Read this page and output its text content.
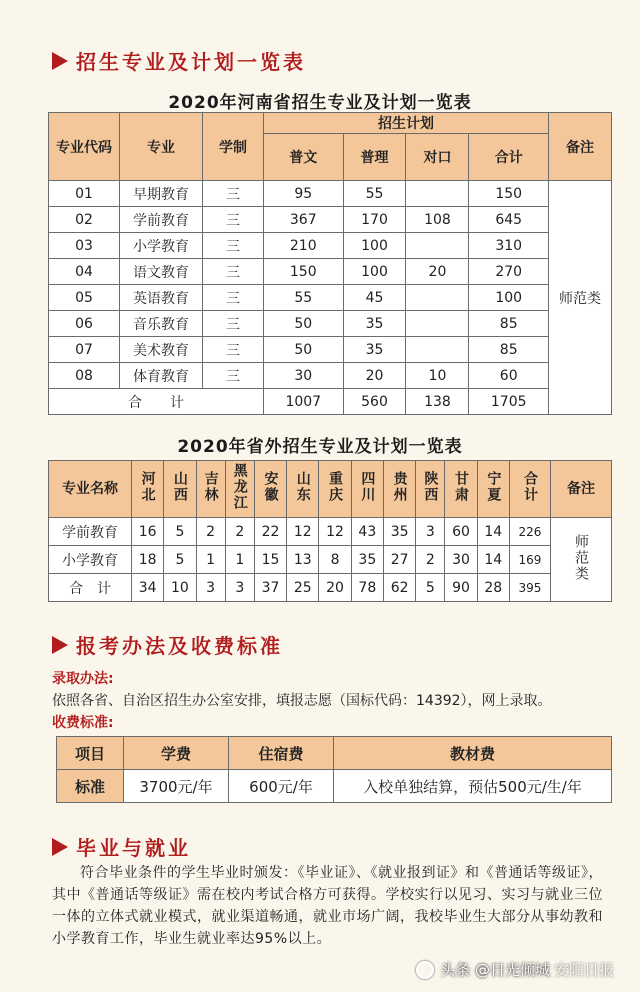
招生专业及计划一览表
2020年河南省招生专业及计划一览表
专业代码	专业	学制	招生计划				备注
			普文	普理	对口	合计	
01	早期教育	三	95	55		150	师范类
02	学前教育	三	367	170	108	645	
03	小学教育	三	210	100		310	
04	语文教育	三	150	100	20	270	
05	英语教育	三	55	45		100	
06	音乐教育	三	50	35		85	
07	美术教育	三	50	35		85	
08	体育教育	三	30	20	10	60	
合　　计			1007	560	138	1705	
2020年省外招生专业及计划一览表
专业名称	河北	山西	吉林	黑龙江	安徽	山东	重庆	四川	贵州	陕西	甘肃	宁夏	合计	备注
学前教育	16	5	2	2	22	12	12	43	35	3	60	14	226	师范类
小学教育	18	5	1	1	15	13	8	35	27	2	30	14	169	
合　计	34	10	3	3	37	25	20	78	62	5	90	28	395	
报考办法及收费标准
录取办法:
依照各省、自治区招生办公室安排，填报志愿（国标代码：14392），网上录取。
收费标准:
项目	学费	住宿费	教材费
标准	3700元/年	600元/年	入校单独结算，预估500元/生/年
毕业与就业
符合毕业条件的学生毕业时颁发：《毕业证》、《就业报到证》和《普通话等级证》，其中《普通话等级证》需在校内考试合格方可获得。学校实行以见习、实习与就业三位一体的立体式就业模式，就业渠道畅通，就业市场广阔，我校毕业生大部分从事幼教和小学教育工作，毕业生就业率达95%以上。
头条 @日光倾城 安阳日报
